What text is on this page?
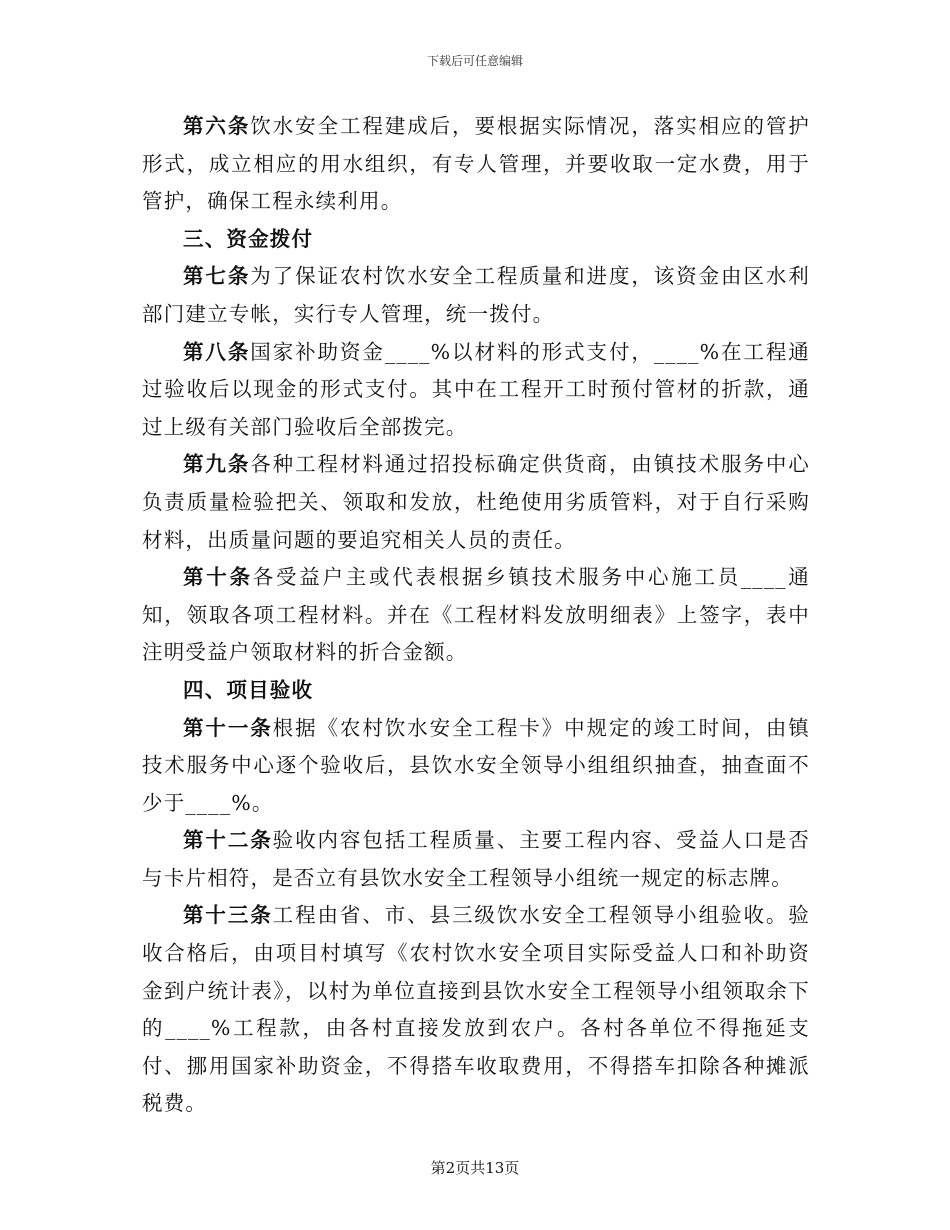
下载后可任意编辑

第六条饮水安全工程建成后，要根据实际情况，落实相应的管护形式，成立相应的用水组织，有专人管理，并要收取一定水费，用于管护，确保工程永续利用。

三、资金拨付

第七条为了保证农村饮水安全工程质量和进度，该资金由区水利部门建立专帐，实行专人管理，统一拨付。

第八条国家补助资金____%以材料的形式支付，____%在工程通过验收后以现金的形式支付。其中在工程开工时预付管材的折款，通过上级有关部门验收后全部拨完。

第九条各种工程材料通过招投标确定供货商，由镇技术服务中心负责质量检验把关、领取和发放，杜绝使用劣质管料，对于自行采购材料，出质量问题的要追究相关人员的责任。

第十条各受益户主或代表根据乡镇技术服务中心施工员____通知，领取各项工程材料。并在《工程材料发放明细表》上签字，表中注明受益户领取材料的折合金额。

四、项目验收

第十一条根据《农村饮水安全工程卡》中规定的竣工时间，由镇技术服务中心逐个验收后，县饮水安全领导小组组织抽查，抽查面不少于____%。

第十二条验收内容包括工程质量、主要工程内容、受益人口是否与卡片相符，是否立有县饮水安全工程领导小组统一规定的标志牌。

第十三条工程由省、市、县三级饮水安全工程领导小组验收。验收合格后，由项目村填写《农村饮水安全项目实际受益人口和补助资金到户统计表》，以村为单位直接到县饮水安全工程领导小组领取余下的____%工程款，由各村直接发放到农户。各村各单位不得拖延支付、挪用国家补助资金，不得搭车收取费用，不得搭车扣除各种摊派税费。

第2页共13页
